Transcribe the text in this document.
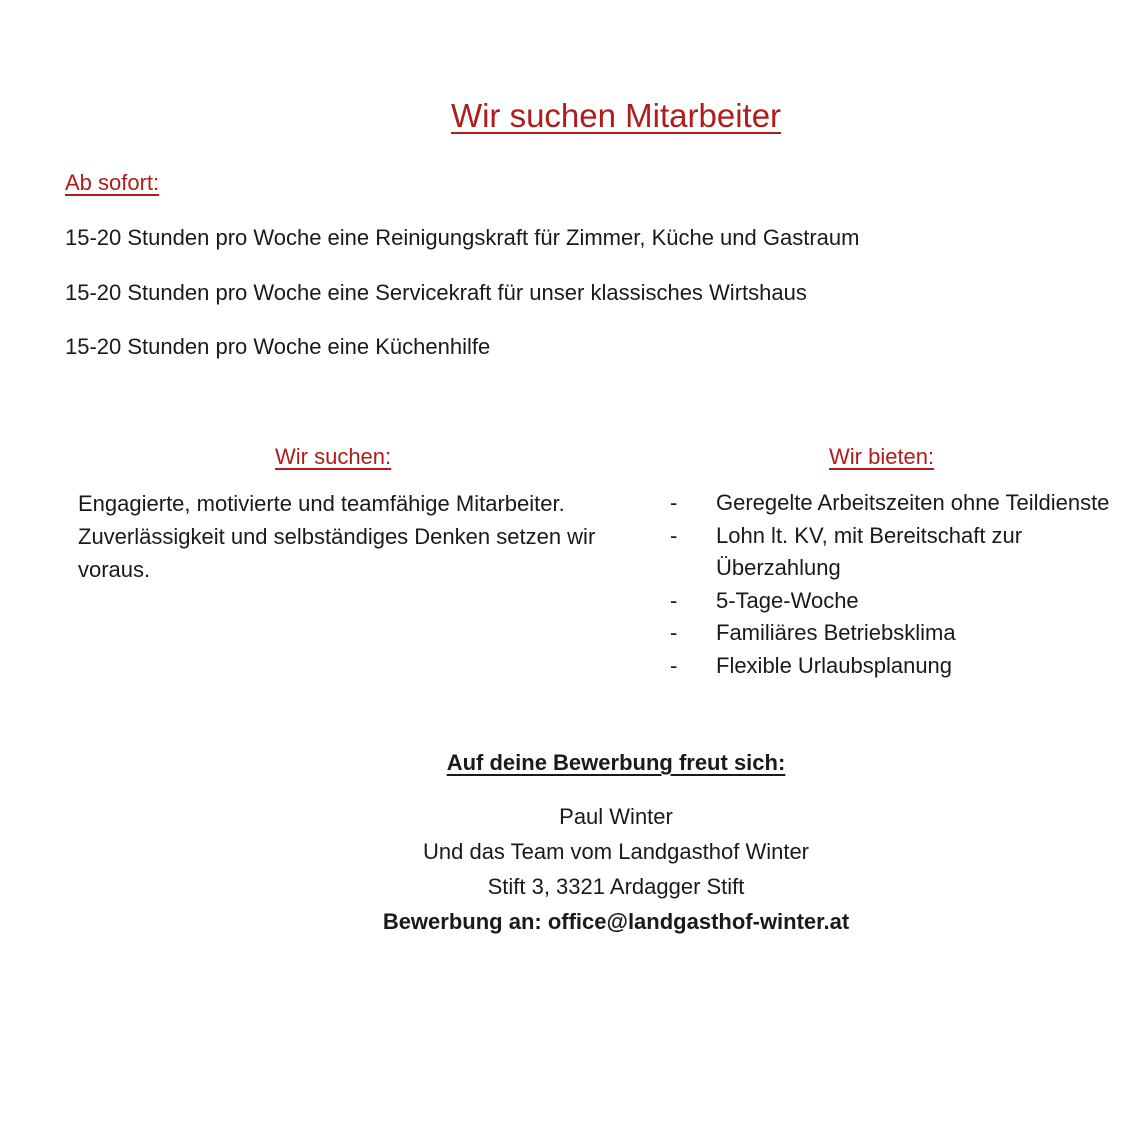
Wir suchen Mitarbeiter
Ab sofort:
15-20 Stunden pro Woche eine Reinigungskraft für Zimmer, Küche und Gastraum
15-20 Stunden pro Woche eine Servicekraft für unser klassisches Wirtshaus
15-20 Stunden pro Woche eine Küchenhilfe
Wir suchen:	Wir bieten:

Engagierte, motivierte und teamfähige Mitarbeiter.

Zuverlässigkeit und selbständiges Denken setzen wir voraus.

- Geregelte Arbeitszeiten ohne Teildienste
- Lohn lt. KV, mit Bereitschaft zur Überzahlung
- 5-Tage-Woche
- Familiäres Betriebsklima
- Flexible Urlaubsplanung
Auf deine Bewerbung freut sich:
Paul Winter
Und das Team vom Landgasthof Winter
Stift 3, 3321 Ardagger Stift
Bewerbung an: office@landgasthof-winter.at
